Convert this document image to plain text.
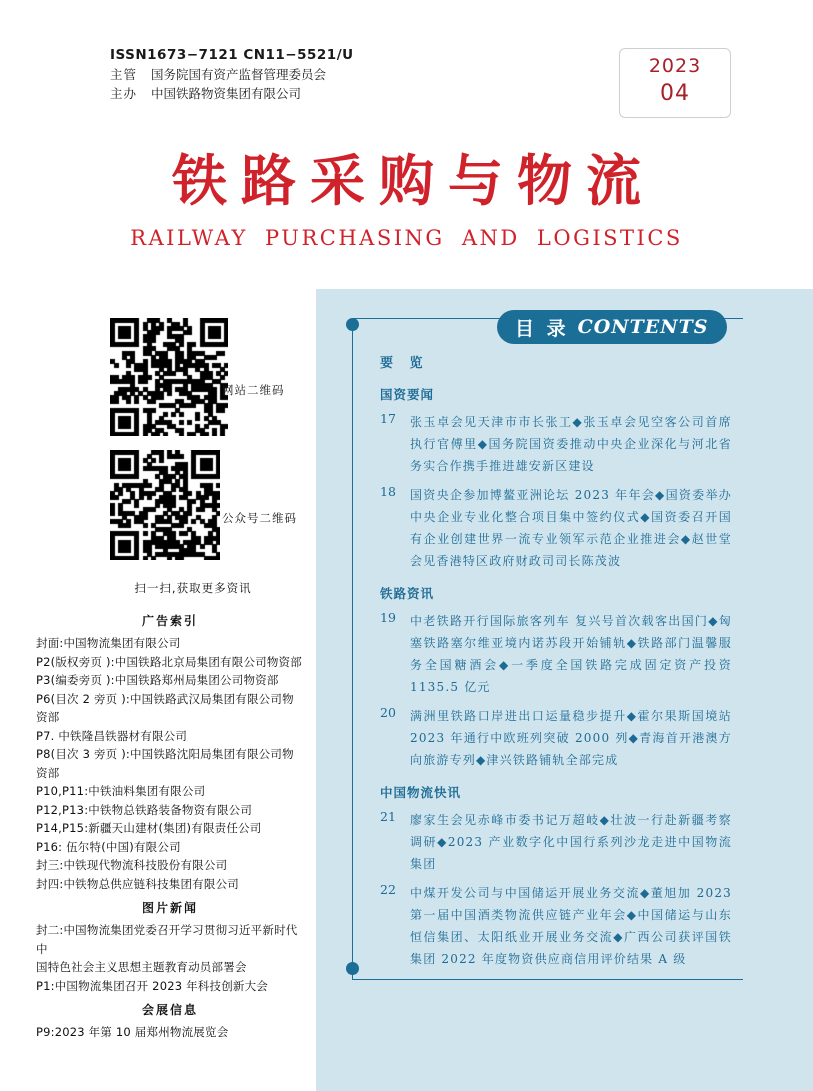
ISSN1673−7121 CN11−5521/U
主管 国务院国有资产监督管理委员会
主办 中国铁路物资集团有限公司
2023
04
铁路采购与物流
RAILWAY PURCHASING AND LOGISTICS
网站二维码
公众号二维码
扫一扫,获取更多资讯
广告索引
封面:中国物流集团有限公司
P2(版权旁页 ):中国铁路北京局集团有限公司物资部
P3(编委旁页 ):中国铁路郑州局集团公司物资部
P6(目次 2 旁页 ):中国铁路武汉局集团有限公司物资部
P7. 中铁隆昌铁器材有限公司
P8(目次 3 旁页 ):中国铁路沈阳局集团有限公司物资部
P10,P11:中铁油料集团有限公司
P12,P13:中铁物总铁路装备物资有限公司
P14,P15:新疆天山建材(集团)有限责任公司
P16: 伍尔特(中国)有限公司
封三:中铁现代物流科技股份有限公司
封四:中铁物总供应链科技集团有限公司
图片新闻
封二:中国物流集团党委召开学习贯彻习近平新时代中
国特色社会主义思想主题教育动员部署会
P1:中国物流集团召开 2023 年科技创新大会
会展信息
P9:2023 年第 10 届郑州物流展览会
目 录 CONTENTS
要 览
国资要闻
17	张玉卓会见天津市市长张工◆张玉卓会见空客公司首席执行官傅里◆国务院国资委推动中央企业深化与河北省务实合作携手推进雄安新区建设
18	国资央企参加博鳌亚洲论坛 2023 年年会◆国资委举办中央企业专业化整合项目集中签约仪式◆国资委召开国有企业创建世界一流专业领军示范企业推进会◆赵世堂会见香港特区政府财政司司长陈茂波
铁路资讯
19	中老铁路开行国际旅客列车 复兴号首次载客出国门◆匈塞铁路塞尔维亚境内诺苏段开始铺轨◆铁路部门温馨服务全国糖酒会◆一季度全国铁路完成固定资产投资 1135.5 亿元
20	满洲里铁路口岸进出口运量稳步提升◆霍尔果斯国境站 2023 年通行中欧班列突破 2000 列◆青海首开港澳方向旅游专列◆津兴铁路铺轨全部完成
中国物流快讯
21	廖家生会见赤峰市委书记万超岐◆壮波一行赴新疆考察调研◆2023 产业数字化中国行系列沙龙走进中国物流集团
22	中煤开发公司与中国储运开展业务交流◆董旭加 2023 第一届中国酒类物流供应链产业年会◆中国储运与山东恒信集团、太阳纸业开展业务交流◆广西公司获评国铁集团 2022 年度物资供应商信用评价结果 A 级
